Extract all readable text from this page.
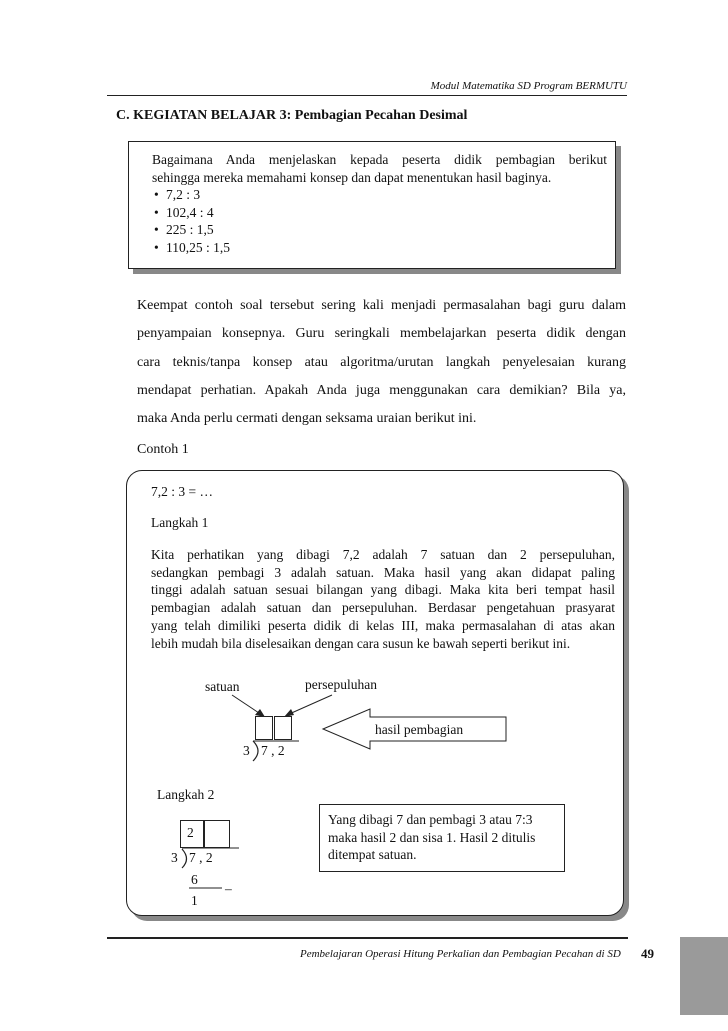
Modul Matematika SD Program BERMUTU
C. KEGIATAN BELAJAR 3: Pembagian Pecahan Desimal
Bagaimana Anda menjelaskan kepada peserta didik pembagian berikut
sehingga mereka memahami konsep dan dapat menentukan hasil baginya.
• 7,2 : 3
• 102,4 : 4
• 225 : 1,5
• 110,25 : 1,5
Keempat contoh soal tersebut sering kali menjadi permasalahan bagi guru dalam
penyampaian konsepnya. Guru seringkali membelajarkan peserta didik dengan
cara teknis/tanpa konsep atau algoritma/urutan langkah penyelesaian kurang
mendapat perhatian. Apakah Anda juga menggunakan cara demikian? Bila ya,
maka Anda perlu cermati dengan seksama uraian berikut ini.
Contoh 1
7,2 : 3 = …
Langkah 1
Kita perhatikan yang dibagi 7,2 adalah 7 satuan dan 2 persepuluhan,
sedangkan pembagi 3 adalah satuan. Maka hasil yang akan didapat paling
tinggi adalah satuan sesuai bilangan yang dibagi. Maka kita beri tempat hasil
pembagian adalah satuan dan persepuluhan. Berdasar pengetahuan prasyarat
yang telah dimiliki peserta didik di kelas III, maka permasalahan di atas akan
lebih mudah bila diselesaikan dengan cara susun ke bawah seperti berikut ini.
satuan	persepuluhan
hasil pembagian
3 7 , 2
Langkah 2
2
3 7 , 2
6
–
1
Yang dibagi 7 dan pembagi 3 atau 7:3
maka hasil 2 dan sisa 1. Hasil 2 ditulis
ditempat satuan.
Pembelajaran Operasi Hitung Perkalian dan Pembagian Pecahan di SD 49
